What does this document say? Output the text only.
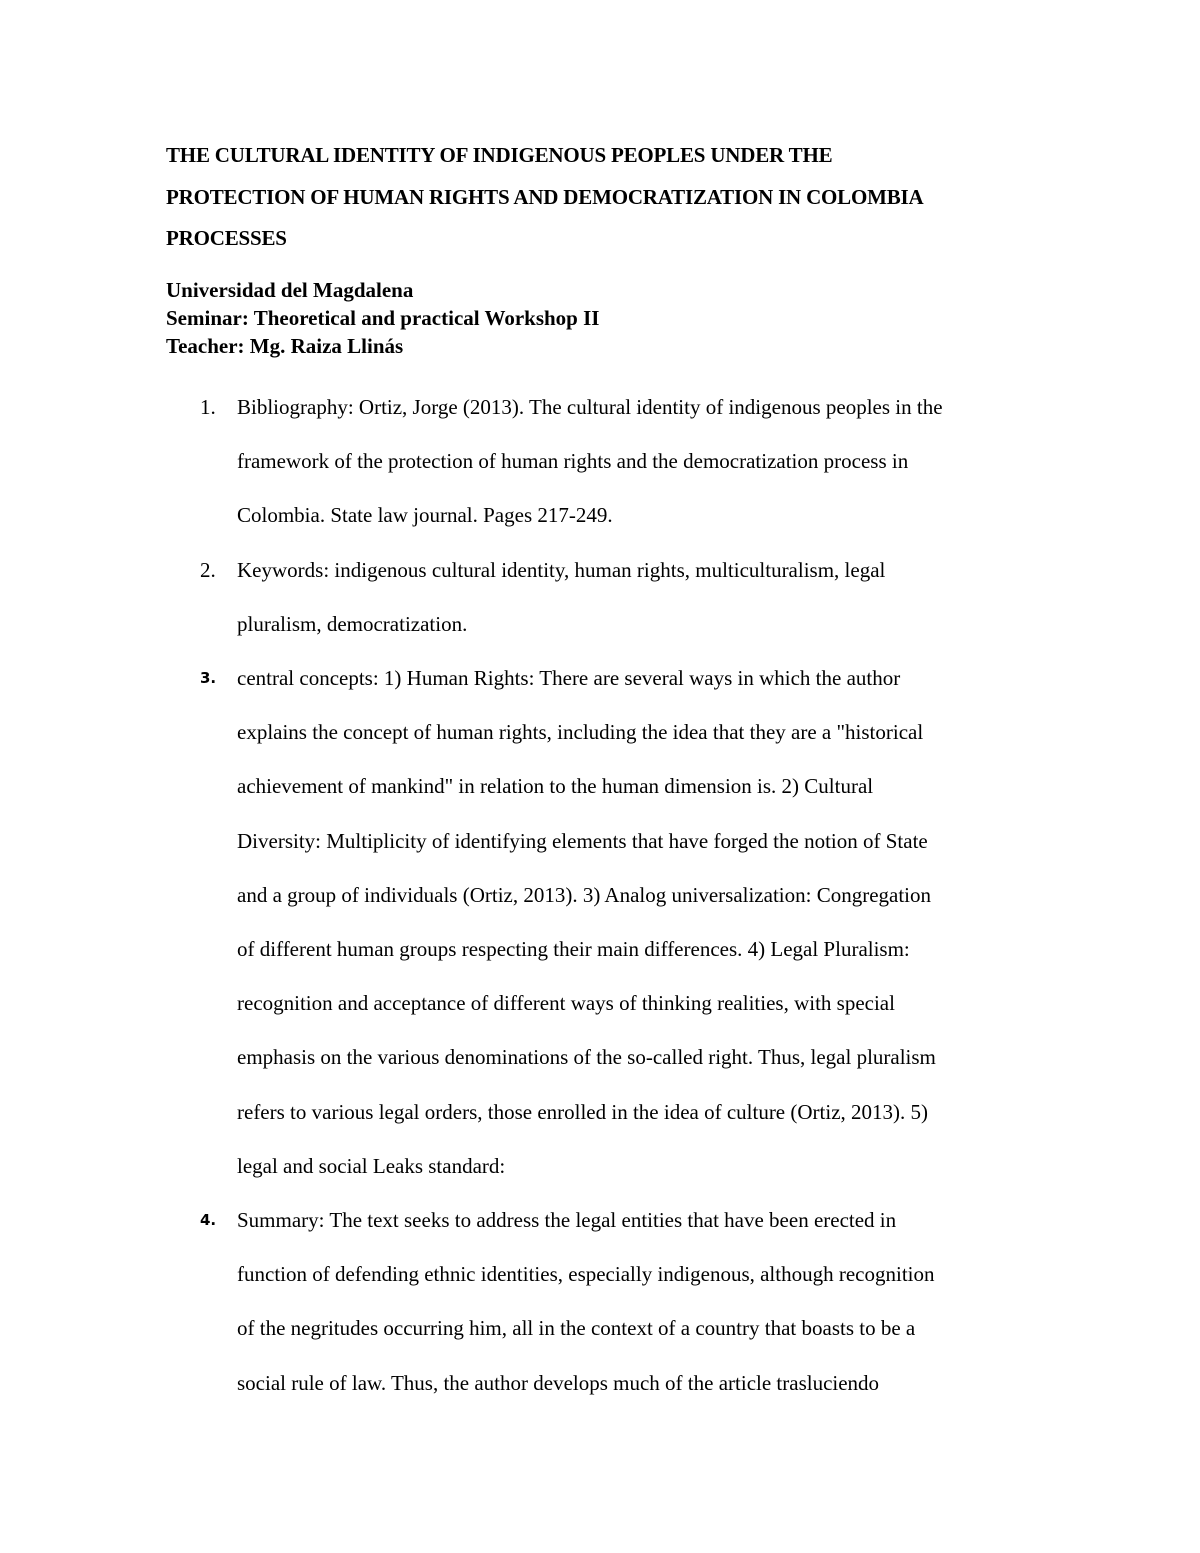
THE CULTURAL IDENTITY OF INDIGENOUS PEOPLES UNDER THE
PROTECTION OF HUMAN RIGHTS AND DEMOCRATIZATION IN COLOMBIA
PROCESSES
Universidad del Magdalena
Seminar: Theoretical and practical Workshop II
Teacher: Mg. Raiza Llinás
1. Bibliography: Ortiz, Jorge (2013). The cultural identity of indigenous peoples in the
framework of the protection of human rights and the democratization process in
Colombia. State law journal. Pages 217-249.
2. Keywords: indigenous cultural identity, human rights, multiculturalism, legal
pluralism, democratization.
3. central concepts: 1) Human Rights: There are several ways in which the author
explains the concept of human rights, including the idea that they are a "historical
achievement of mankind" in relation to the human dimension is. 2) Cultural
Diversity: Multiplicity of identifying elements that have forged the notion of State
and a group of individuals (Ortiz, 2013). 3) Analog universalization: Congregation
of different human groups respecting their main differences. 4) Legal Pluralism:
recognition and acceptance of different ways of thinking realities, with special
emphasis on the various denominations of the so-called right. Thus, legal pluralism
refers to various legal orders, those enrolled in the idea of culture (Ortiz, 2013). 5)
legal and social Leaks standard:
4. Summary: The text seeks to address the legal entities that have been erected in
function of defending ethnic identities, especially indigenous, although recognition
of the negritudes occurring him, all in the context of a country that boasts to be a
social rule of law. Thus, the author develops much of the article trasluciendo
